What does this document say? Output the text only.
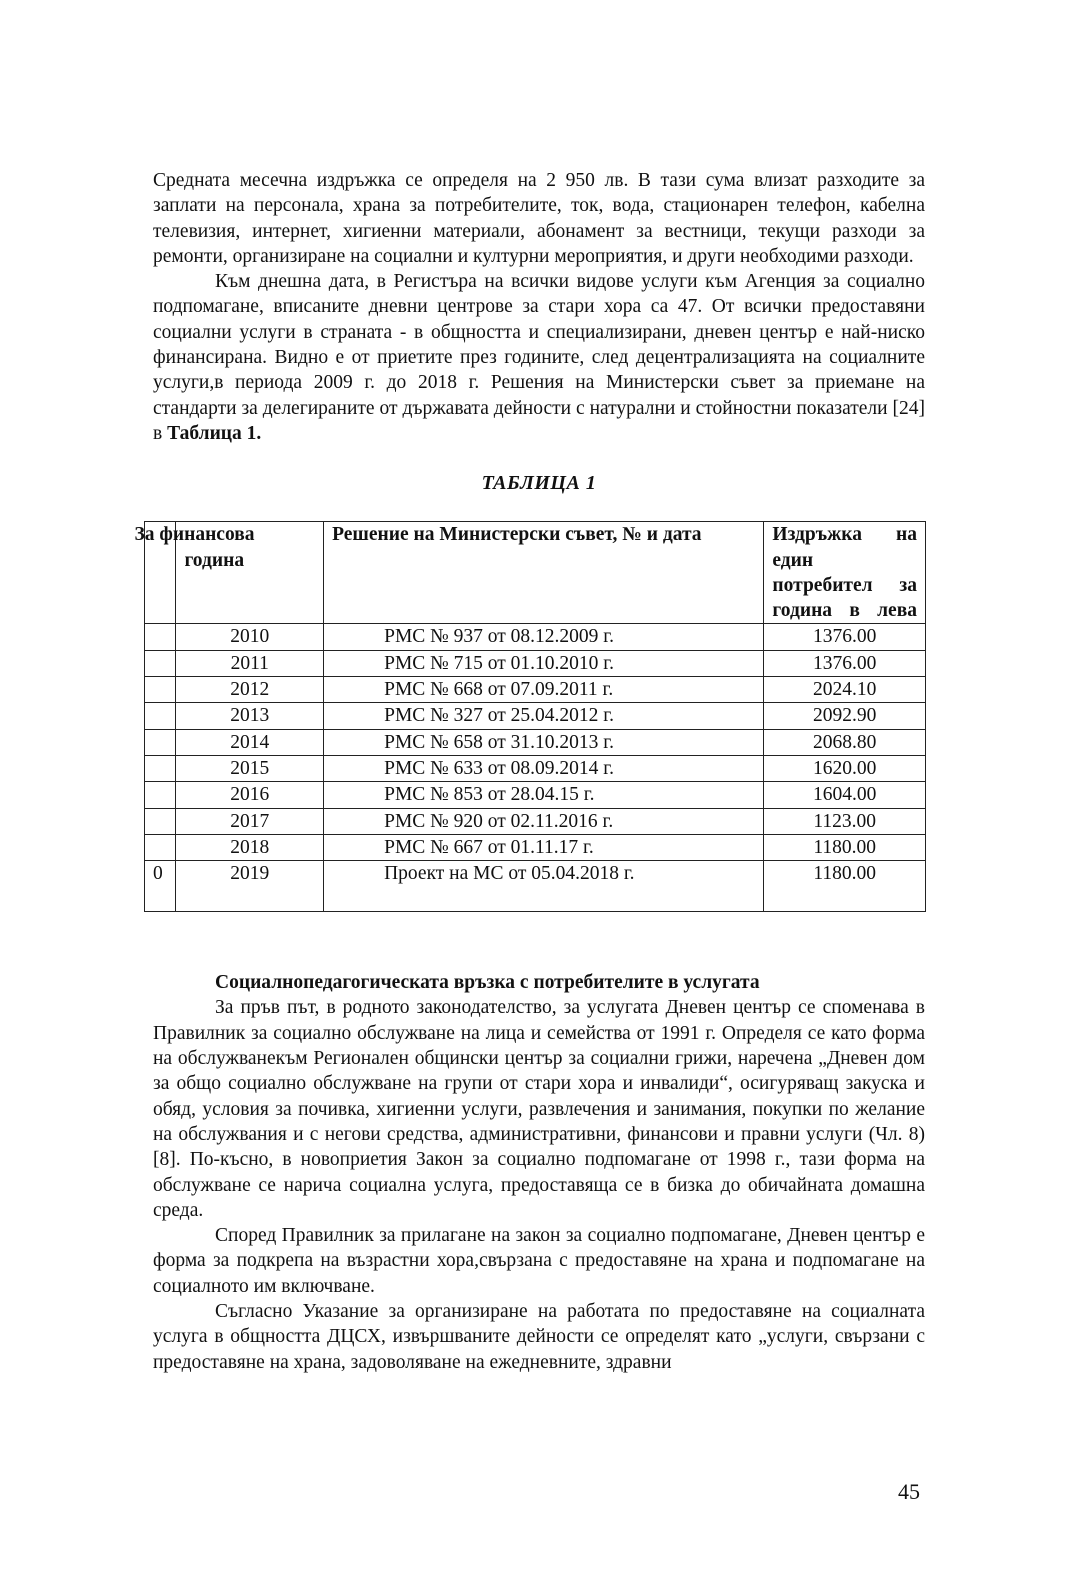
Средната месечна издръжка се определя на 2 950 лв. В тази сума влизат разходите за заплати на персонала, храна за потребителите, ток, вода, стационарен телефон, кабелна телевизия, интернет, хигиенни материали, абонамент за вестници, текущи разходи за ремонти, организиране на социални и културни мероприятия, и други необходими разходи.

Към днешна дата, в Регистъра на всички видове услуги към Агенция за социално подпомагане, вписаните дневни центрове за стари хора са 47. От всички предоставяни социални услуги в страната - в общността и специализирани, дневен център е най-ниско финансирана. Видно е от приетите през годините, след децентрализацията на социалните услуги,в периода 2009 г. до 2018 г. Решения на Министерски съвет за приемане на стандарти за делегираните от държавата дейности с натурални и стойностни показатели [24] в Таблица 1.

ТАБЛИЦА 1

	За финансова година	Решение на Министерски съвет, № и дата	Издръжка на един потребител за година в лева
	2010	РМС № 937 от 08.12.2009 г.	1376.00
	2011	РМС № 715 от 01.10.2010 г.	1376.00
	2012	РМС № 668 от 07.09.2011 г.	2024.10
	2013	РМС № 327 от 25.04.2012 г.	2092.90
	2014	РМС № 658 от 31.10.2013 г.	2068.80
	2015	РМС № 633 от 08.09.2014 г.	1620.00
	2016	РМС № 853 от 28.04.15 г.	1604.00
	2017	РМС № 920 от 02.11.2016 г.	1123.00
	2018	РМС № 667 от 01.11.17 г.	1180.00
0	2019	Проект на МС от 05.04.2018 г.	1180.00
Социалнопедагогическата връзка с потребителите в услугата

За пръв път, в родното законодателство, за услугата Дневен център се споменава в Правилник за социално обслужване на лица и семейства от 1991 г. Определя се като форма на обслужванекъм Регионален общински център за социални грижи, наречена „Дневен дом за общо социално обслужване на групи от стари хора и инвалиди“, осигуряващ закуска и обяд, условия за почивка, хигиенни услуги, развлечения и занимания, покупки по желание на обслужвания и с негови средства, административни, финансови и правни услуги (Чл. 8) [8]. По-късно, в новоприетия Закон за социално подпомагане от 1998 г., тази форма на обслужване се нарича социална услуга, предоставяща се в бизка до обичайната домашна среда.

Според Правилник за прилагане на закон за социално подпомагане, Дневен център е форма за подкрепа на възрастни хора,свързана с предоставяне на храна и подпомагане на социалното им включване.

Съгласно Указание за организиране на работата по предоставяне на социалната услуга в общността ДЦСХ, извършваните дейности се определят като „услуги, свързани с предоставяне на храна, задоволяване на ежедневните, здравни

45
